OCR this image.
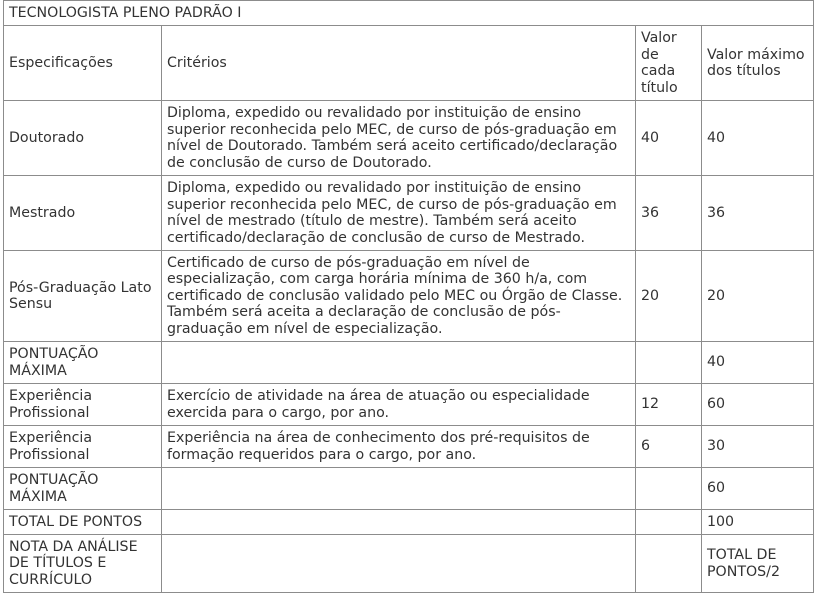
TECNOLOGISTA PLENO PADRÃO I			
Especificações	Critérios	Valor de cada título	Valor máximo dos títulos
Doutorado	Diploma, expedido ou revalidado por instituição de ensino superior reconhecida pelo MEC, de curso de pós-graduação em nível de Doutorado. Também será aceito certificado/declaração de conclusão de curso de Doutorado.	40	40
Mestrado	Diploma, expedido ou revalidado por instituição de ensino superior reconhecida pelo MEC, de curso de pós-graduação em nível de mestrado (título de mestre). Também será aceito certificado/declaração de conclusão de curso de Mestrado.	36	36
Pós-Graduação Lato Sensu	Certificado de curso de pós-graduação em nível de especialização, com carga horária mínima de 360 h/a, com certificado de conclusão validado pelo MEC ou Órgão de Classe. Também será aceita a declaração de conclusão de pós-graduação em nível de especialização.	20	20
PONTUAÇÃO MÁXIMA			40
Experiência Profissional	Exercício de atividade na área de atuação ou especialidade exercida para o cargo, por ano.	12	60
Experiência Profissional	Experiência na área de conhecimento dos pré-requisitos de formação requeridos para o cargo, por ano.	6	30
PONTUAÇÃO MÁXIMA			60
TOTAL DE PONTOS			100
NOTA DA ANÁLISE DE TÍTULOS E CURRÍCULO			TOTAL DE PONTOS/2
